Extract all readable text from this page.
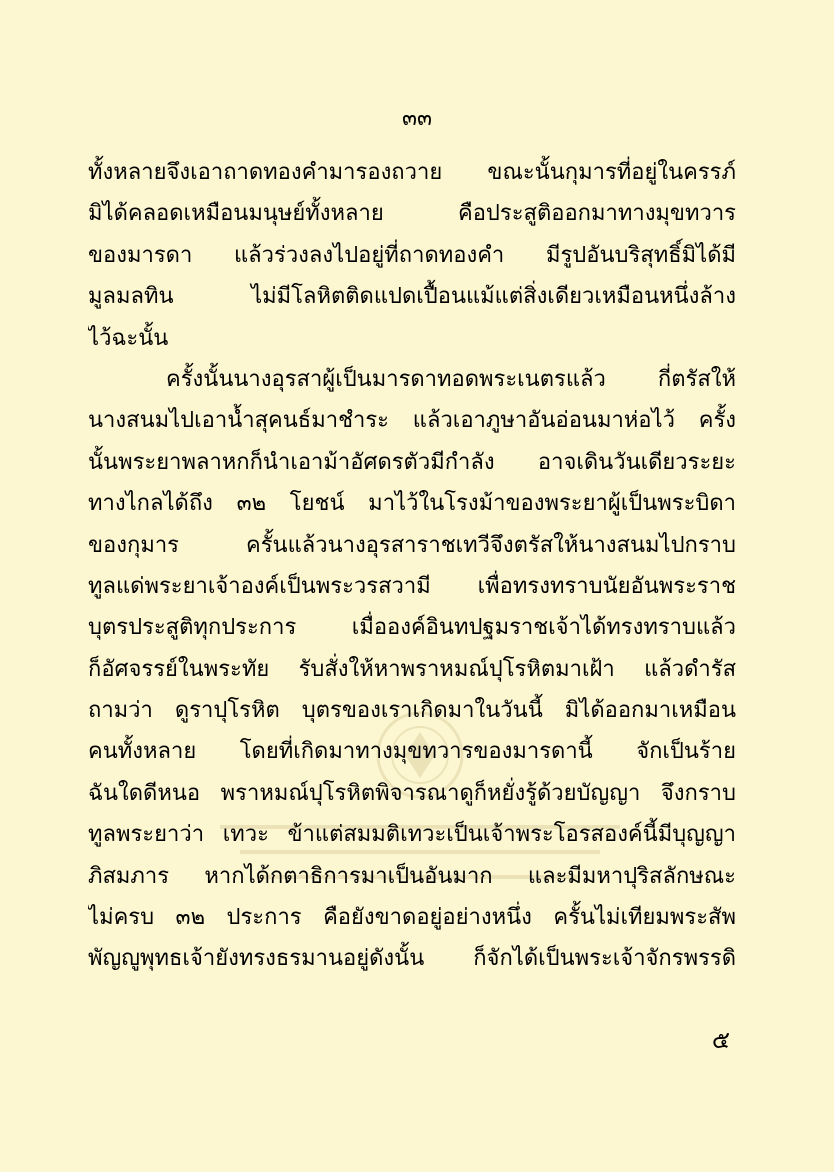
๓๓
ทั้งหลายจึงเอาถาดทองคำมารองถวาย ขณะนั้นกุมารที่อยู่ในครรภ์
มิได้คลอดเหมือนมนุษย์ทั้งหลาย คือประสูติออกมาทางมุขทวาร
ของมารดา แล้วร่วงลงไปอยู่ที่ถาดทองคำ มีรูปอันบริสุทธิ์มิได้มี
มูลมลทิน ไม่มีโลหิตติดแปดเปื้อนแม้แต่สิ่งเดียวเหมือนหนึ่งล้าง
ไว้ฉะนั้น
ครั้งนั้นนางอุรสาผู้เป็นมารดาทอดพระเนตรแล้ว กี่ตรัสให้
นางสนมไปเอาน้ำสุคนธ์มาชำระ แล้วเอาภูษาอันอ่อนมาห่อไว้ ครั้ง
นั้นพระยาพลาหกก็นำเอาม้าอัศดรตัวมีกำลัง อาจเดินวันเดียวระยะ
ทางไกลได้ถึง ๓๒ โยชน์ มาไว้ในโรงม้าของพระยาผู้เป็นพระบิดา
ของกุมาร ครั้นแล้วนางอุรสาราชเทวีจึงตรัสให้นางสนมไปกราบ
ทูลแด่พระยาเจ้าองค์เป็นพระวรสวามี เพื่อทรงทราบนัยอันพระราช
บุตรประสูติทุกประการ เมื่อองค์อินทปฐมราชเจ้าได้ทรงทราบแล้ว
ก็อัศจรรย์ในพระทัย รับสั่งให้หาพราหมณ์ปุโรหิตมาเฝ้า แล้วดำรัส
ถามว่า ดูราปุโรหิต บุตรของเราเกิดมาในวันนี้ มิได้ออกมาเหมือน
คนทั้งหลาย โดยที่เกิดมาทางมุขทวารของมารดานี้ จักเป็นร้าย
ฉันใดดีหนอ พราหมณ์ปุโรหิตพิจารณาดูก็หยั่งรู้ด้วยบัญญา จึงกราบ
ทูลพระยาว่า เทวะ ข้าแต่สมมติเทวะเป็นเจ้าพระโอรสองค์นี้มีบุญญา
ภิสมภาร หากได้กตาธิการมาเป็นอันมาก และมีมหาปุริสลักษณะ
ไม่ครบ ๓๒ ประการ คือยังขาดอยู่อย่างหนึ่ง ครั้นไม่เทียมพระสัพ
พัญญูพุทธเจ้ายังทรงธรมานอยู่ดังนั้น ก็จักได้เป็นพระเจ้าจักรพรรดิ
๕
